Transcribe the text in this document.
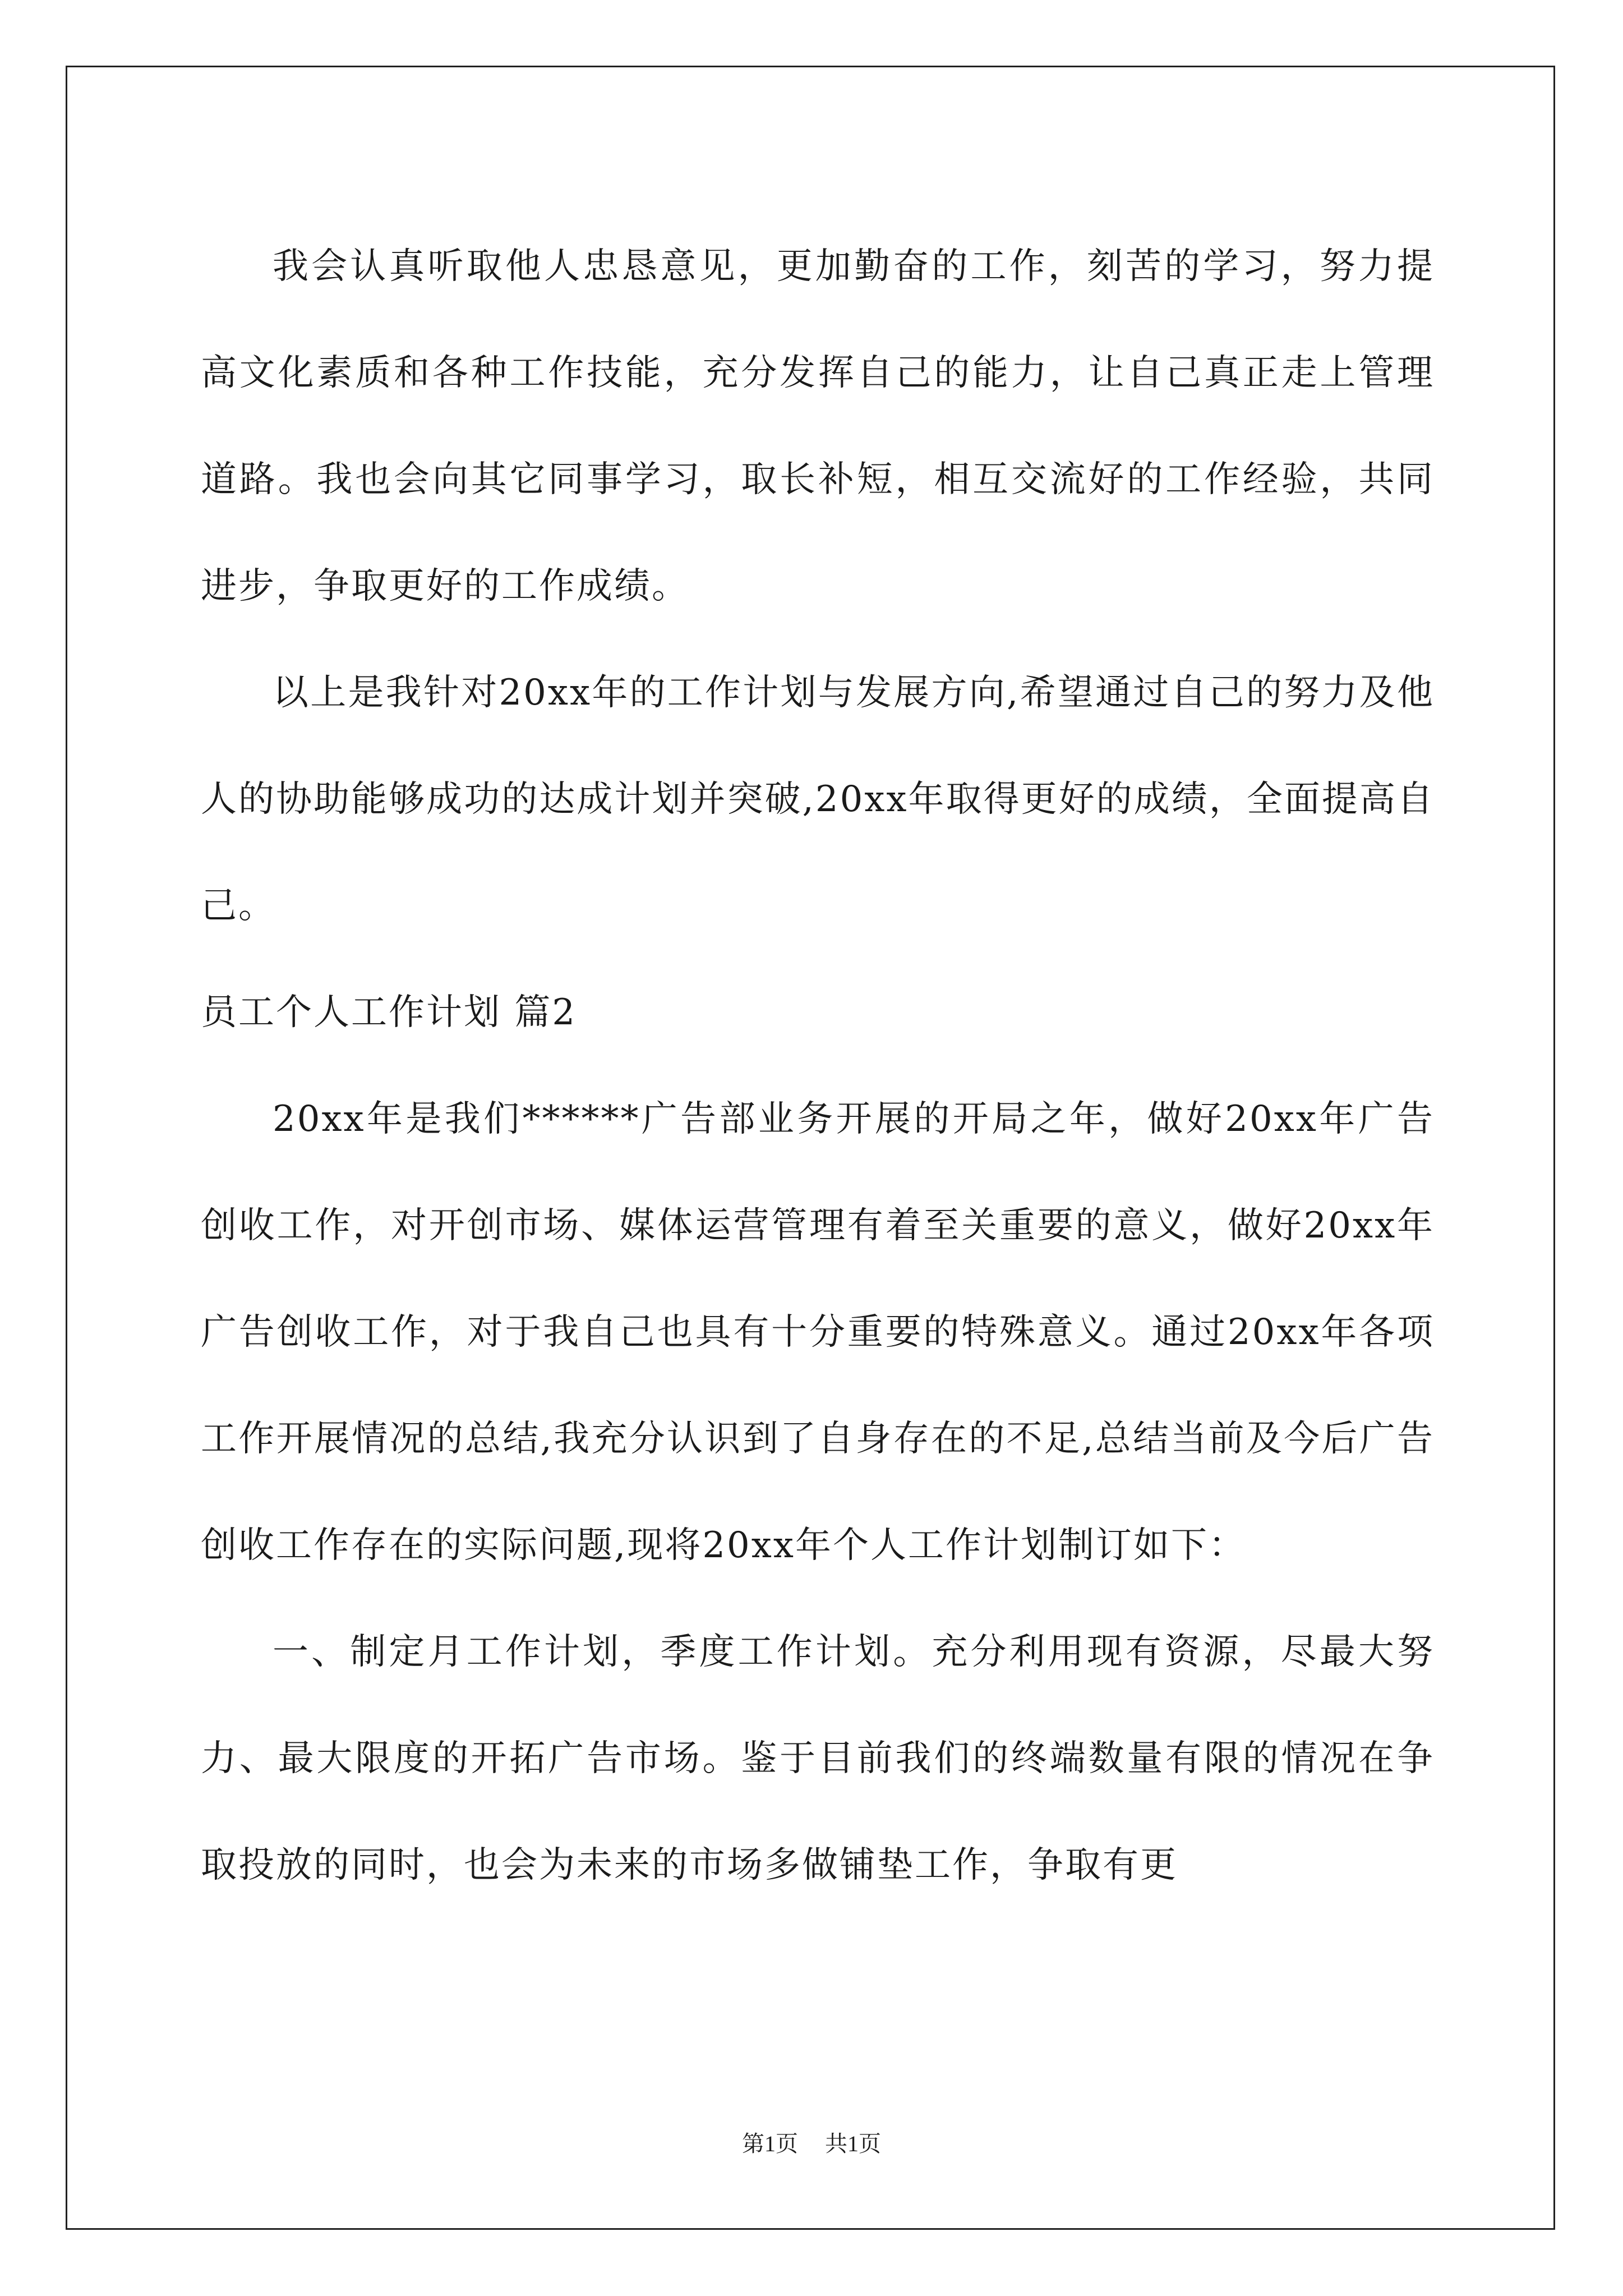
我会认真听取他人忠恳意见，更加勤奋的工作，刻苦的学习，努力提高文化素质和各种工作技能，充分发挥自己的能力，让自己真正走上管理道路。我也会向其它同事学习，取长补短，相互交流好的工作经验，共同进步，争取更好的工作成绩。

以上是我针对20xx年的工作计划与发展方向,希望通过自己的努力及他人的协助能够成功的达成计划并突破,20xx年取得更好的成绩，全面提高自己。

员工个人工作计划 篇2

20xx年是我们******广告部业务开展的开局之年，做好20xx年广告创收工作，对开创市场、媒体运营管理有着至关重要的意义，做好20xx年广告创收工作，对于我自己也具有十分重要的特殊意义。通过20xx年各项工作开展情况的总结,我充分认识到了自身存在的不足,总结当前及今后广告创收工作存在的实际问题,现将20xx年个人工作计划制订如下：

一、制定月工作计划，季度工作计划。充分利用现有资源，尽最大努力、最大限度的开拓广告市场。鉴于目前我们的终端数量有限的情况在争取投放的同时，也会为未来的市场多做铺垫工作，争取有更

第1页 共1页
